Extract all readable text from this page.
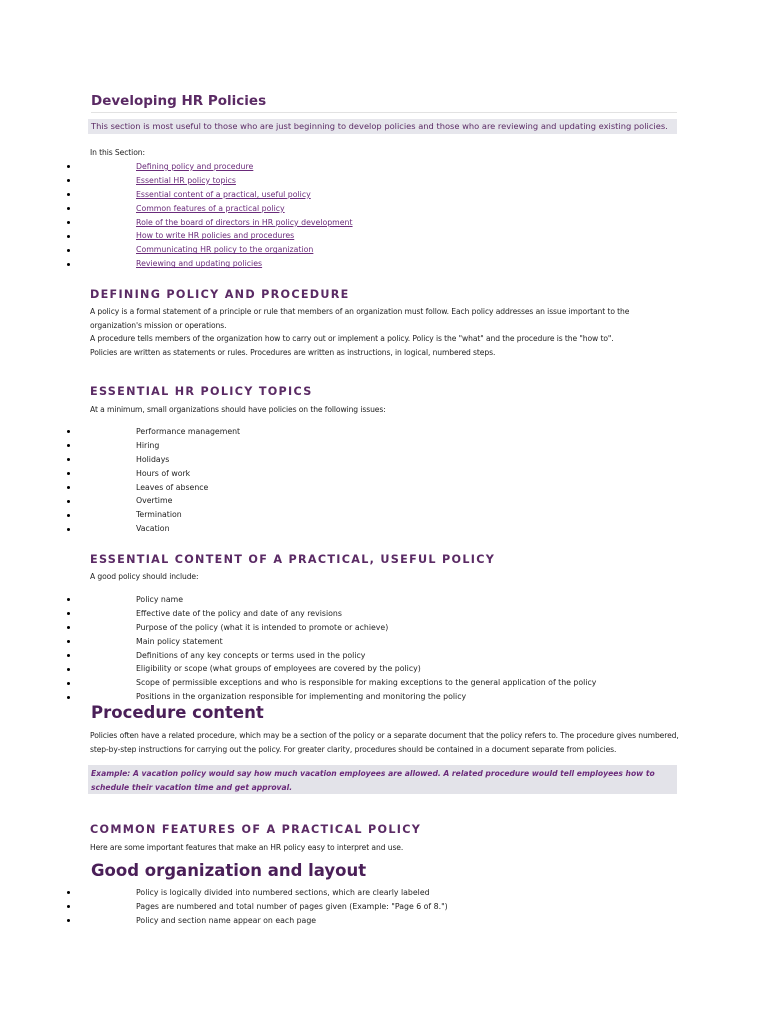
Developing HR Policies
This section is most useful to those who are just beginning to develop policies and those who are reviewing and updating existing policies.
In this Section:
Defining policy and procedure
Essential HR policy topics
Essential content of a practical, useful policy
Common features of a practical policy
Role of the board of directors in HR policy development
How to write HR policies and procedures
Communicating HR policy to the organization
Reviewing and updating policies
DEFINING POLICY AND PROCEDURE
A policy is a formal statement of a principle or rule that members of an organization must follow. Each policy addresses an issue important to the organization's mission or operations.
A procedure tells members of the organization how to carry out or implement a policy. Policy is the "what" and the procedure is the "how to".
Policies are written as statements or rules. Procedures are written as instructions, in logical, numbered steps.
ESSENTIAL HR POLICY TOPICS
At a minimum, small organizations should have policies on the following issues:
Performance management
Hiring
Holidays
Hours of work
Leaves of absence
Overtime
Termination
Vacation
ESSENTIAL CONTENT OF A PRACTICAL, USEFUL POLICY
A good policy should include:
Policy name
Effective date of the policy and date of any revisions
Purpose of the policy (what it is intended to promote or achieve)
Main policy statement
Definitions of any key concepts or terms used in the policy
Eligibility or scope (what groups of employees are covered by the policy)
Scope of permissible exceptions and who is responsible for making exceptions to the general application of the policy
Positions in the organization responsible for implementing and monitoring the policy
Procedure content
Policies often have a related procedure, which may be a section of the policy or a separate document that the policy refers to. The procedure gives numbered, step-by-step instructions for carrying out the policy. For greater clarity, procedures should be contained in a document separate from policies.
Example: A vacation policy would say how much vacation employees are allowed. A related procedure would tell employees how to schedule their vacation time and get approval.
COMMON FEATURES OF A PRACTICAL POLICY
Here are some important features that make an HR policy easy to interpret and use.
Good organization and layout
Policy is logically divided into numbered sections, which are clearly labeled
Pages are numbered and total number of pages given (Example: "Page 6 of 8.")
Policy and section name appear on each page
